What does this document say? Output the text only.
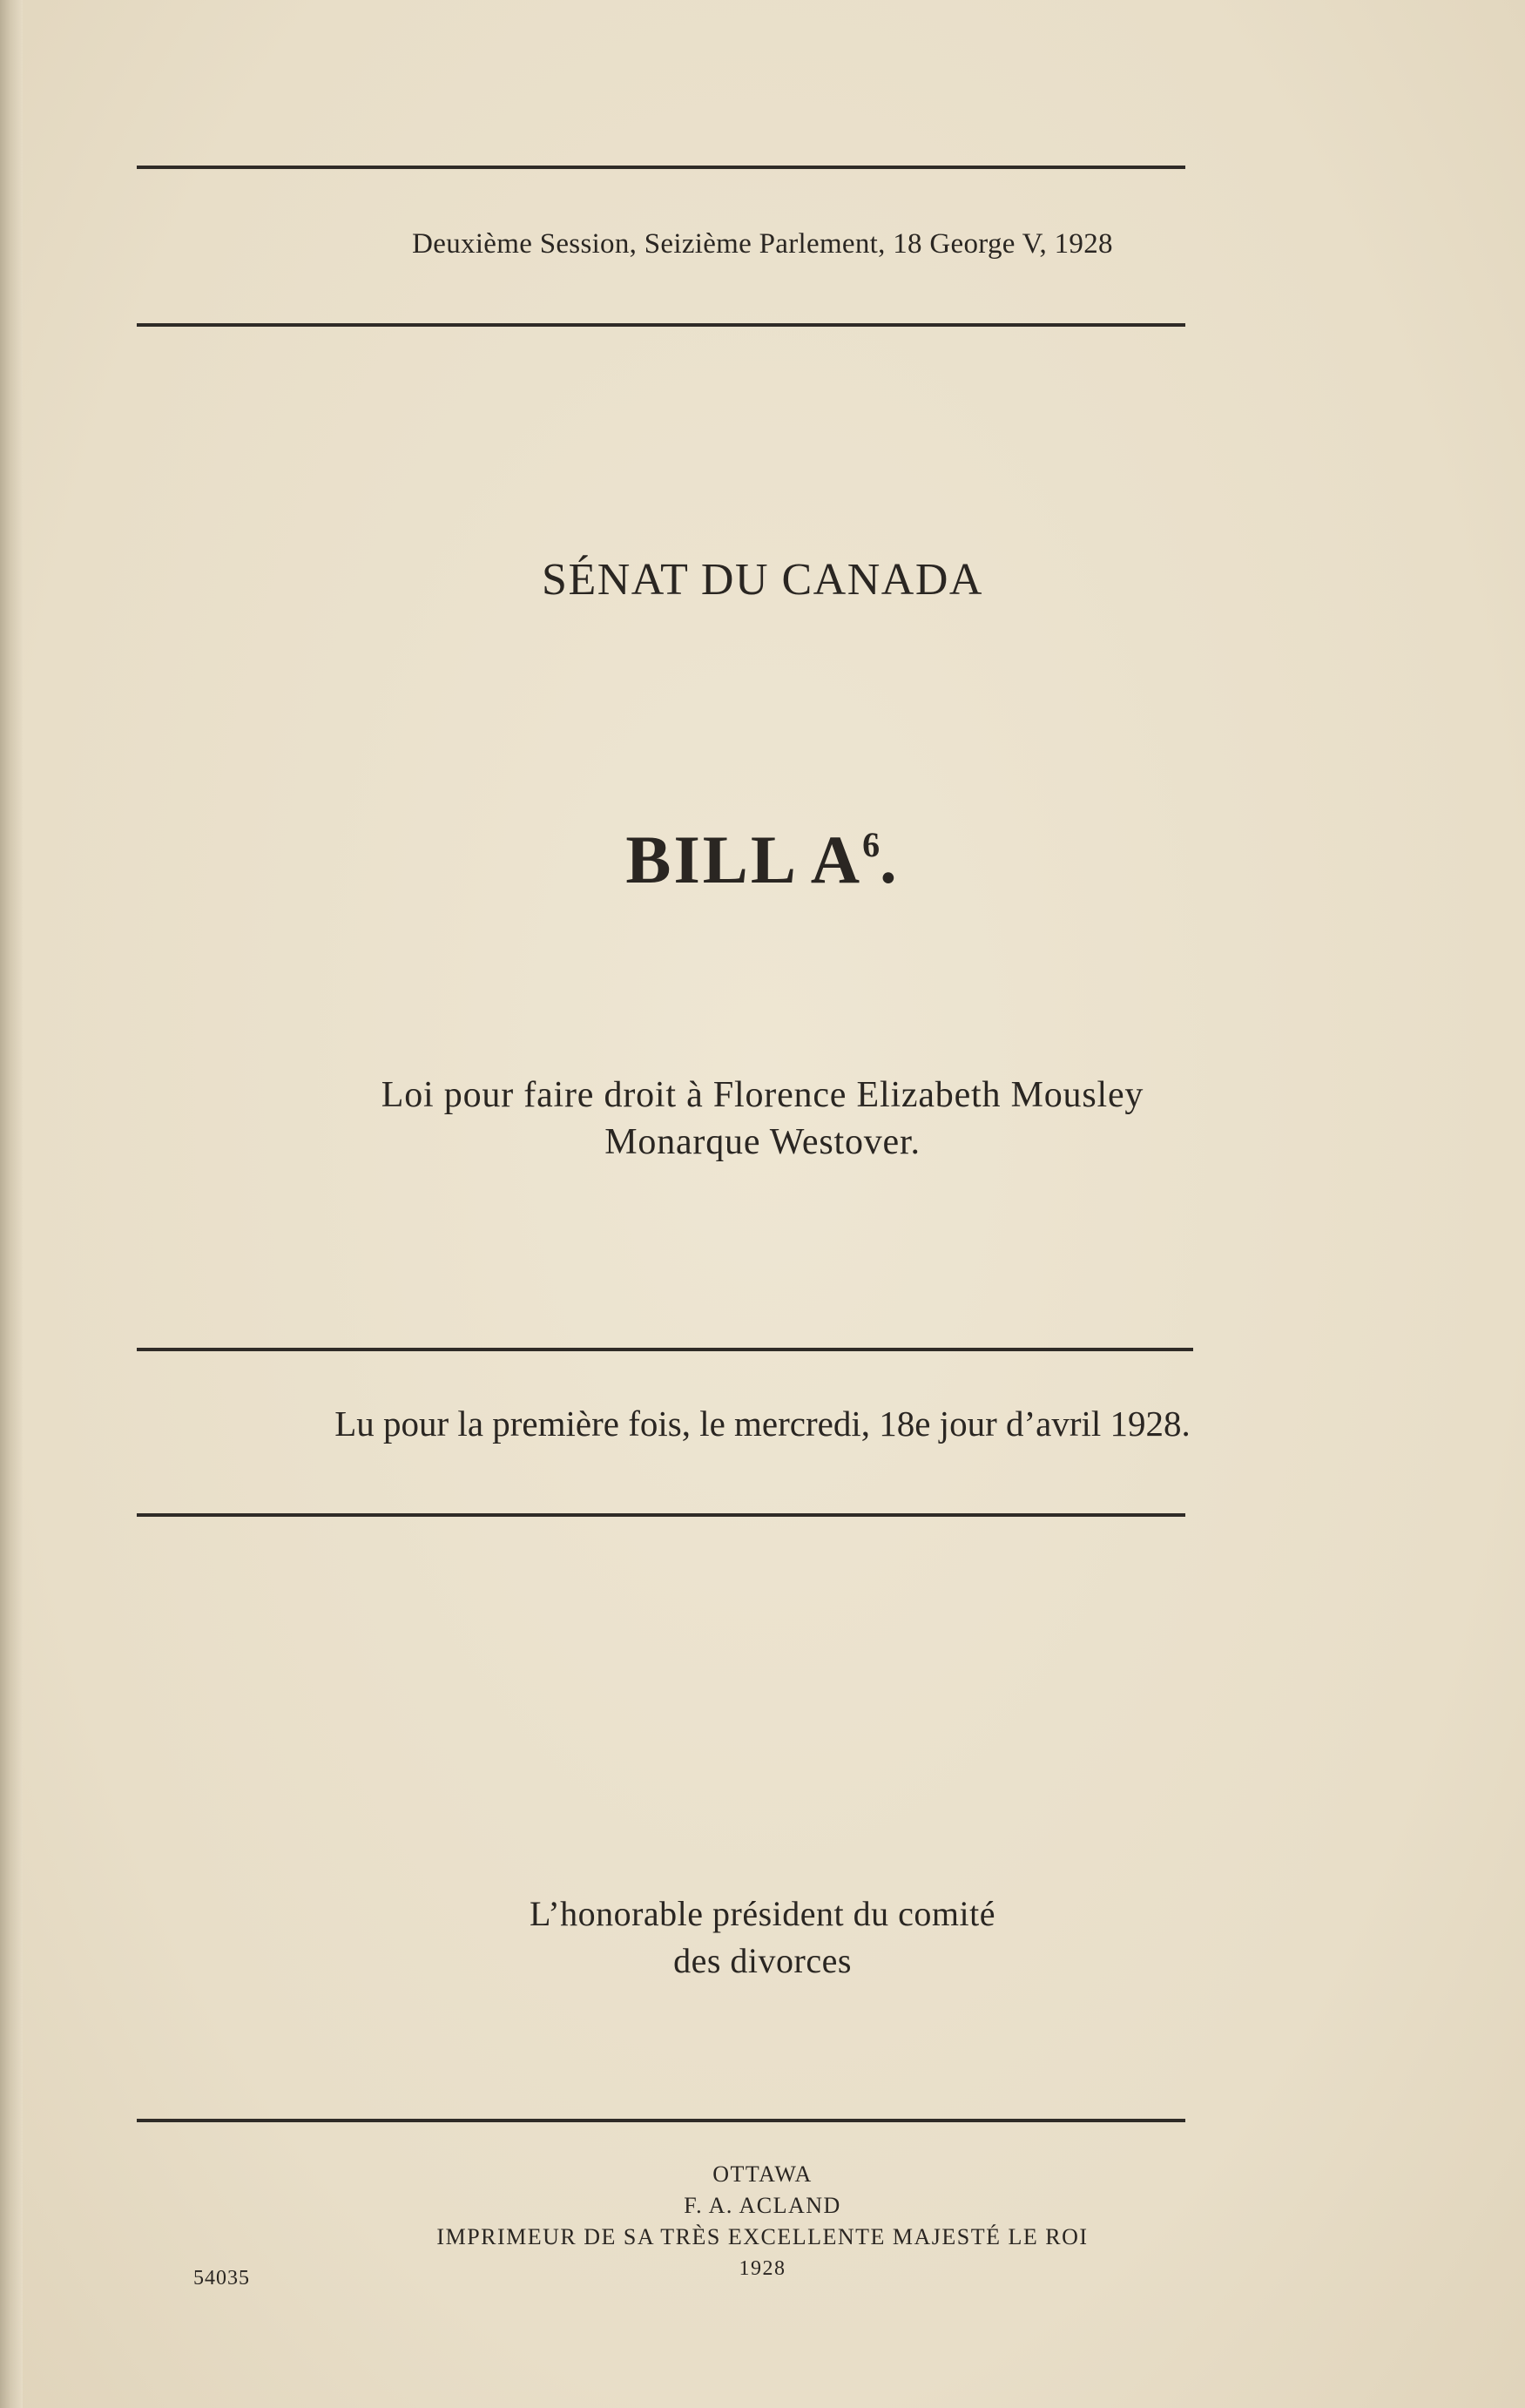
Deuxième Session, Seizième Parlement, 18 George V, 1928
SÉNAT DU CANADA
BILL $A^6$.
Loi pour faire droit à Florence Elizabeth Mousley
Monarque Westover.
Lu pour la première fois, le mercredi, 18e jour d’avril 1928.
L’honorable président du comité
des divorces
OTTAWA
F. A. ACLAND
IMPRIMEUR DE SA TRÈS EXCELLENTE MAJESTÉ LE ROI
1928
54035
